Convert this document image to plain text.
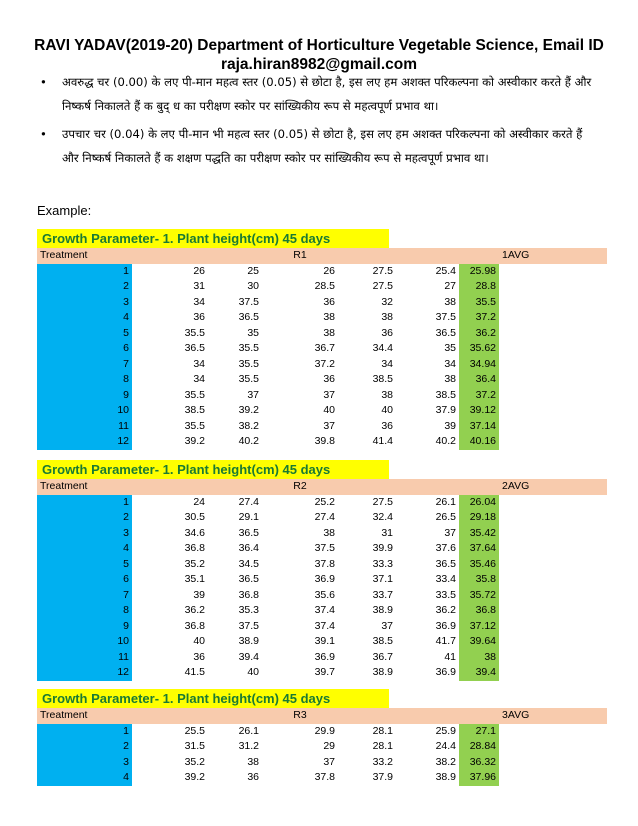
RAVI YADAV(2019-20) Department of Horticulture Vegetable Science, Email ID
raja.hiran8982@gmail.com
• अवरुद्ध चर (0.00) के लए पी-मान महत्व स्तर (0.05) से छोटा है, इस लए हम अशक्त परिकल्पना को अस्वीकार करते हैं और निष्कर्ष निकालते हैं क बुद् ध का परीक्षण स्कोर पर सांख्यिकीय रूप से महत्वपूर्ण प्रभाव था।
• उपचार चर (0.04) के लए पी-मान भी महत्व स्तर (0.05) से छोटा है, इस लए हम अशक्त परिकल्पना को अस्वीकार करते हैं और निष्कर्ष निकालते हैं क शक्षण पद्धति का परीक्षण स्कोर पर सांख्यिकीय रूप से महत्वपूर्ण प्रभाव था।
Example:
Growth Parameter- 1. Plant height(cm) 45 days
Treatment			R1				1AVG
1	26	25	26	27.5	25.4	25.98	
2	31	30	28.5	27.5	27	28.8	
3	34	37.5	36	32	38	35.5	
4	36	36.5	38	38	37.5	37.2	
5	35.5	35	38	36	36.5	36.2	
6	36.5	35.5	36.7	34.4	35	35.62	
7	34	35.5	37.2	34	34	34.94	
8	34	35.5	36	38.5	38	36.4	
9	35.5	37	37	38	38.5	37.2	
10	38.5	39.2	40	40	37.9	39.12	
11	35.5	38.2	37	36	39	37.14	
12	39.2	40.2	39.8	41.4	40.2	40.16	
Growth Parameter- 1. Plant height(cm) 45 days
Treatment			R2				2AVG
1	24	27.4	25.2	27.5	26.1	26.04	
2	30.5	29.1	27.4	32.4	26.5	29.18	
3	34.6	36.5	38	31	37	35.42	
4	36.8	36.4	37.5	39.9	37.6	37.64	
5	35.2	34.5	37.8	33.3	36.5	35.46	
6	35.1	36.5	36.9	37.1	33.4	35.8	
7	39	36.8	35.6	33.7	33.5	35.72	
8	36.2	35.3	37.4	38.9	36.2	36.8	
9	36.8	37.5	37.4	37	36.9	37.12	
10	40	38.9	39.1	38.5	41.7	39.64	
11	36	39.4	36.9	36.7	41	38	
12	41.5	40	39.7	38.9	36.9	39.4	
Growth Parameter- 1. Plant height(cm) 45 days
Treatment			R3				3AVG
1	25.5	26.1	29.9	28.1	25.9	27.1	
2	31.5	31.2	29	28.1	24.4	28.84	
3	35.2	38	37	33.2	38.2	36.32	
4	39.2	36	37.8	37.9	38.9	37.96	
